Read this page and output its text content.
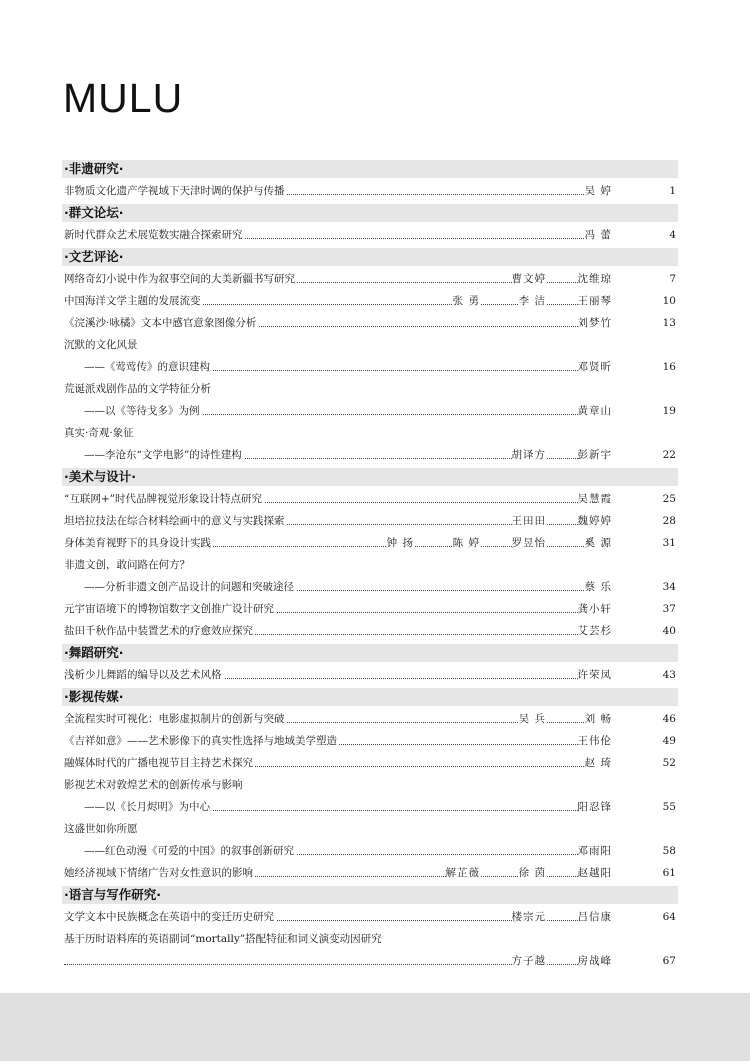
MULU
·非遗研究·
非物质文化遗产学视域下天津时调的保护与传播	吴 婷	1
·群文论坛·
新时代群众艺术展览数实融合探索研究	冯 蕾	4
·文艺评论·
网络奇幻小说中作为叙事空间的大美新疆书写研究	曹文婷	沈维琼	7
中国海洋文学主题的发展流变	张 勇	李 洁	王丽琴	10
《浣溪沙·咏橘》文本中感官意象图像分析	刘梦竹	13
沉默的文化风景
——《莺莺传》的意识建构	邓贤昕	16
荒诞派戏剧作品的文学特征分析
——以《等待戈多》为例	黄章山	19
真实·奇观·象征
——李沧东“文学电影”的诗性建构	胡译方	彭新宇	22
·美术与设计·
“互联网+”时代品牌视觉形象设计特点研究	吴慧霞	25
坦培拉技法在综合材料绘画中的意义与实践探索	王田田	魏婷婷	28
身体美育视野下的具身设计实践	钟 扬	陈 婷	罗昱怡	奚 源	31
非遗文创，敢问路在何方？
——分析非遗文创产品设计的问题和突破途径	蔡 乐	34
元宇宙语境下的博物馆数字文创推广设计研究	龚小轩	37
盐田千秋作品中装置艺术的疗愈效应探究	艾芸杉	40
·舞蹈研究·
浅析少儿舞蹈的编导以及艺术风格	许荣凤	43
·影视传媒·
全流程实时可视化：电影虚拟制片的创新与突破	吴 兵	刘 畅	46
《吉祥如意》——艺术影像下的真实性选择与地域美学塑造	王伟伦	49
融媒体时代的广播电视节目主持艺术探究	赵 琦	52
影视艺术对敦煌艺术的创新传承与影响
——以《长月烬明》为中心	阳忍锋	55
这盛世如你所愿
——红色动漫《可爱的中国》的叙事创新研究	邓雨阳	58
她经济视域下情绪广告对女性意识的影响	解芷薇	徐 茵	赵越阳	61
·语言与写作研究·
文学文本中民族概念在英语中的变迁历史研究	楼宗元	吕信康	64
基于历时语料库的英语副词“mortally”搭配特征和词义演变动因研究
方子越	房战峰	67
